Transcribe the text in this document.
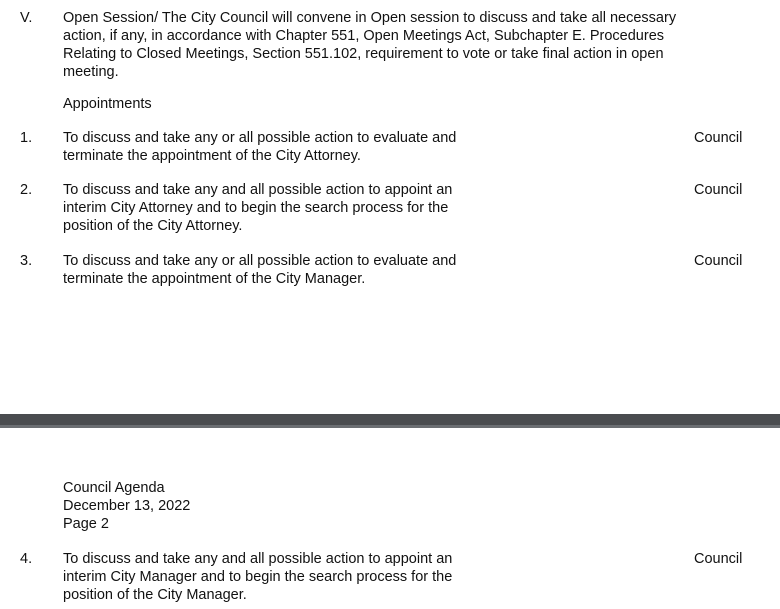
V. Open Session/ The City Council will convene in Open session to discuss and take all necessary
action, if any, in accordance with Chapter 551, Open Meetings Act, Subchapter E. Procedures
Relating to Closed Meetings, Section 551.102, requirement to vote or take final action in open
meeting.
Appointments
1. To discuss and take any or all possible action to evaluate and
terminate the appointment of the City Attorney.
Council
2. To discuss and take any and all possible action to appoint an
interim City Attorney and to begin the search process for the
position of the City Attorney.
Council
3. To discuss and take any or all possible action to evaluate and
terminate the appointment of the City Manager.
Council
Council Agenda
December 13, 2022
Page 2
4. To discuss and take any and all possible action to appoint an
interim City Manager and to begin the search process for the
position of the City Manager.
Council
